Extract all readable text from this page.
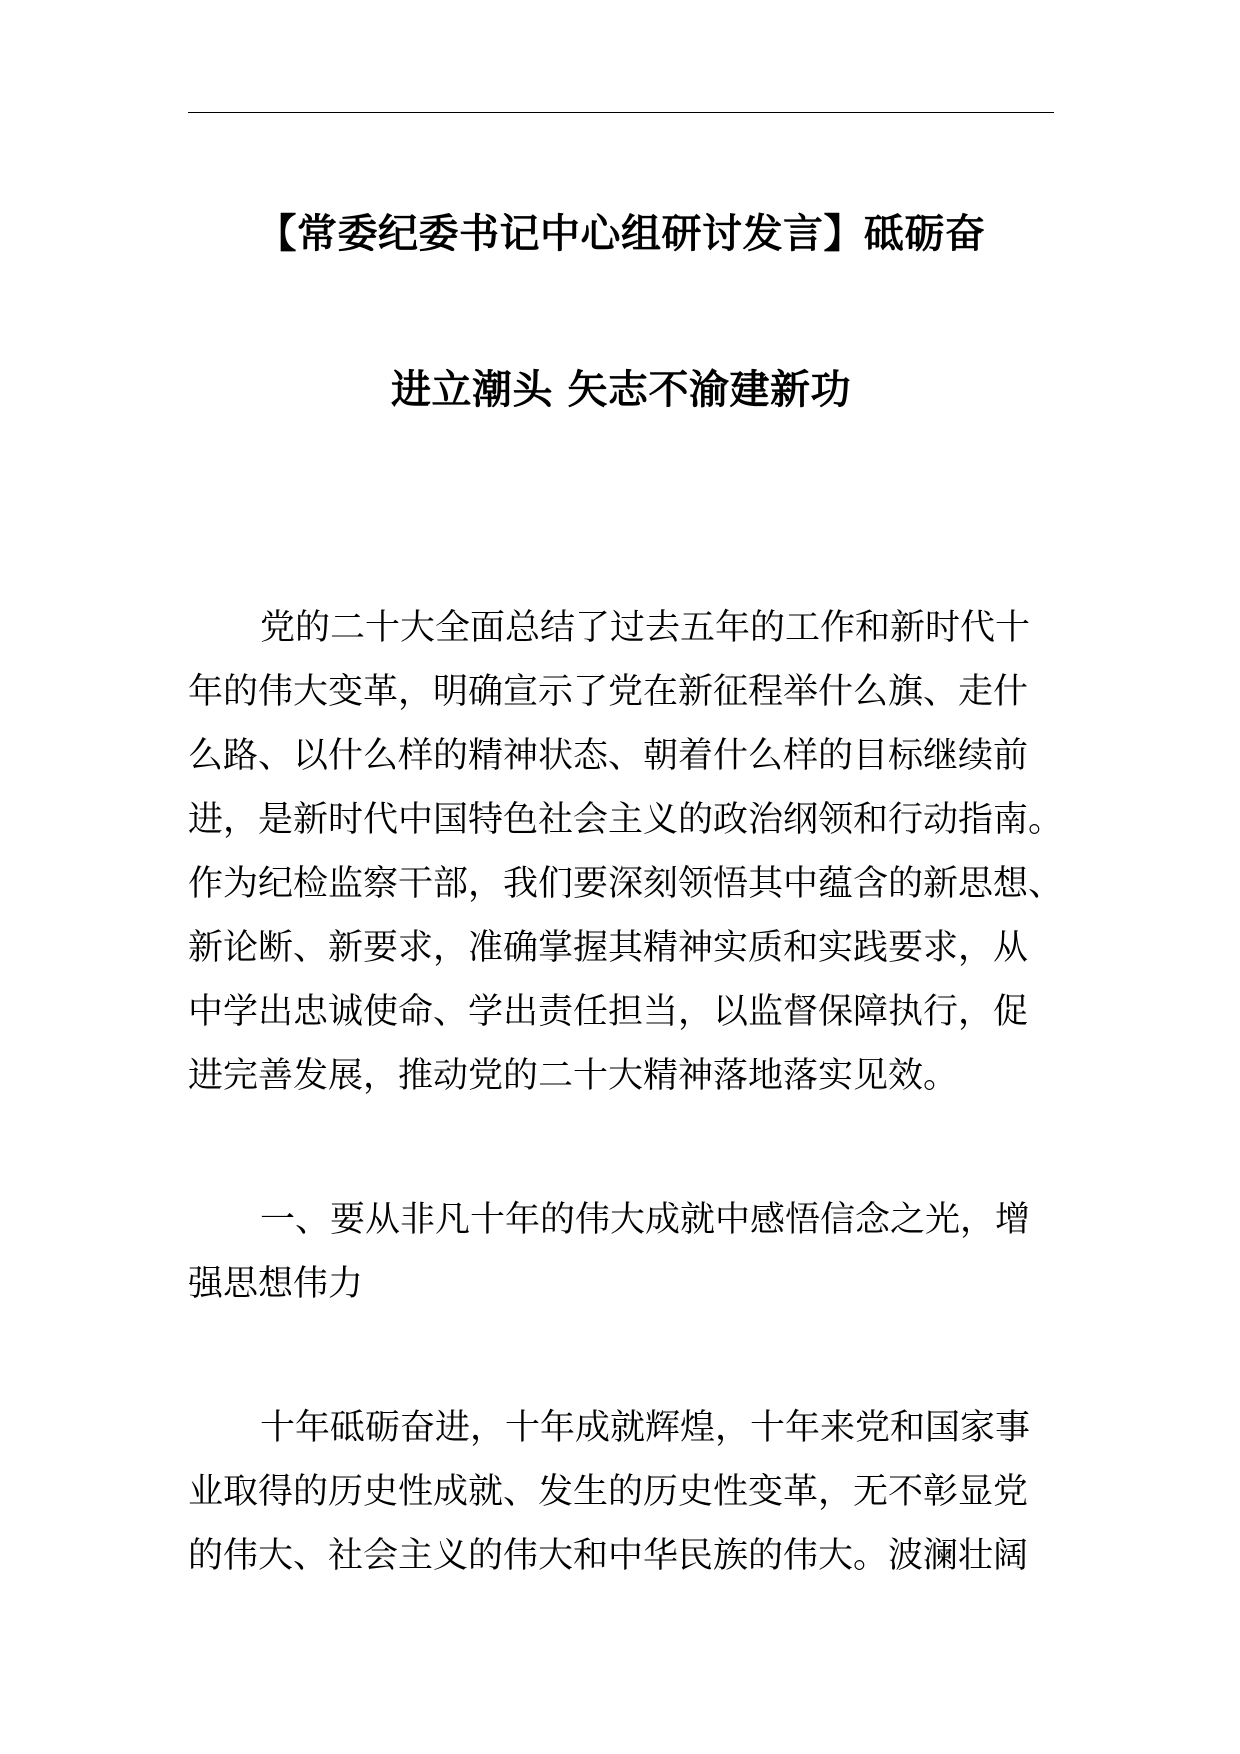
【常委纪委书记中心组研讨发言】砥砺奋
进立潮头 矢志不渝建新功
党的二十大全面总结了过去五年的工作和新时代十
年的伟大变革，明确宣示了党在新征程举什么旗、走什
么路、以什么样的精神状态、朝着什么样的目标继续前
进，是新时代中国特色社会主义的政治纲领和行动指南。
作为纪检监察干部，我们要深刻领悟其中蕴含的新思想、
新论断、新要求，准确掌握其精神实质和实践要求，从
中学出忠诚使命、学出责任担当，以监督保障执行，促
进完善发展，推动党的二十大精神落地落实见效。
一、要从非凡十年的伟大成就中感悟信念之光，增
强思想伟力
十年砥砺奋进，十年成就辉煌，十年来党和国家事
业取得的历史性成就、发生的历史性变革，无不彰显党
的伟大、社会主义的伟大和中华民族的伟大。波澜壮阔
